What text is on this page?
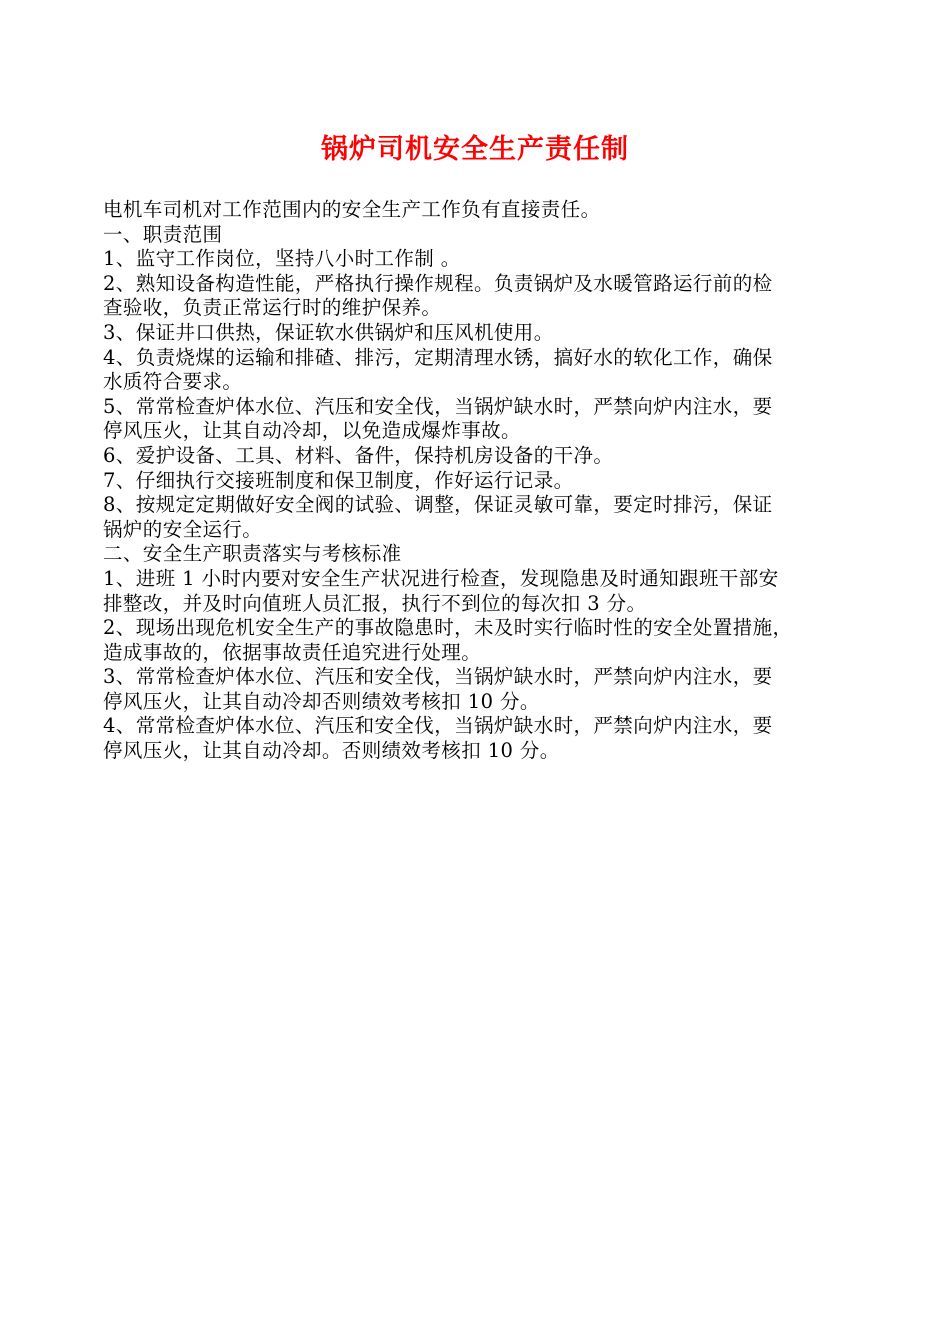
锅炉司机安全生产责任制
电机车司机对工作范围内的安全生产工作负有直接责任。
一、职责范围
1、监守工作岗位，坚持八小时工作制 。
2、熟知设备构造性能，严格执行操作规程。负责锅炉及水暖管路运行前的检
查验收，负责正常运行时的维护保养。
3、保证井口供热，保证软水供锅炉和压风机使用。
4、负责烧煤的运输和排碴、排污，定期清理水锈，搞好水的软化工作，确保
水质符合要求。
5、常常检查炉体水位、汽压和安全伐，当锅炉缺水时，严禁向炉内注水，要
停风压火，让其自动冷却，以免造成爆炸事故。
6、爱护设备、工具、材料、备件，保持机房设备的干净。
7、仔细执行交接班制度和保卫制度，作好运行记录。
8、按规定定期做好安全阀的试验、调整，保证灵敏可靠，要定时排污，保证
锅炉的安全运行。
二、安全生产职责落实与考核标准
1、进班 1 小时内要对安全生产状况进行检查，发现隐患及时通知跟班干部安
排整改，并及时向值班人员汇报，执行不到位的每次扣 3 分。
2、现场出现危机安全生产的事故隐患时，未及时实行临时性的安全处置措施，
造成事故的，依据事故责任追究进行处理。
3、常常检查炉体水位、汽压和安全伐，当锅炉缺水时，严禁向炉内注水，要
停风压火，让其自动冷却否则绩效考核扣 10 分。
4、常常检查炉体水位、汽压和安全伐，当锅炉缺水时，严禁向炉内注水，要
停风压火，让其自动冷却。否则绩效考核扣 10 分。
